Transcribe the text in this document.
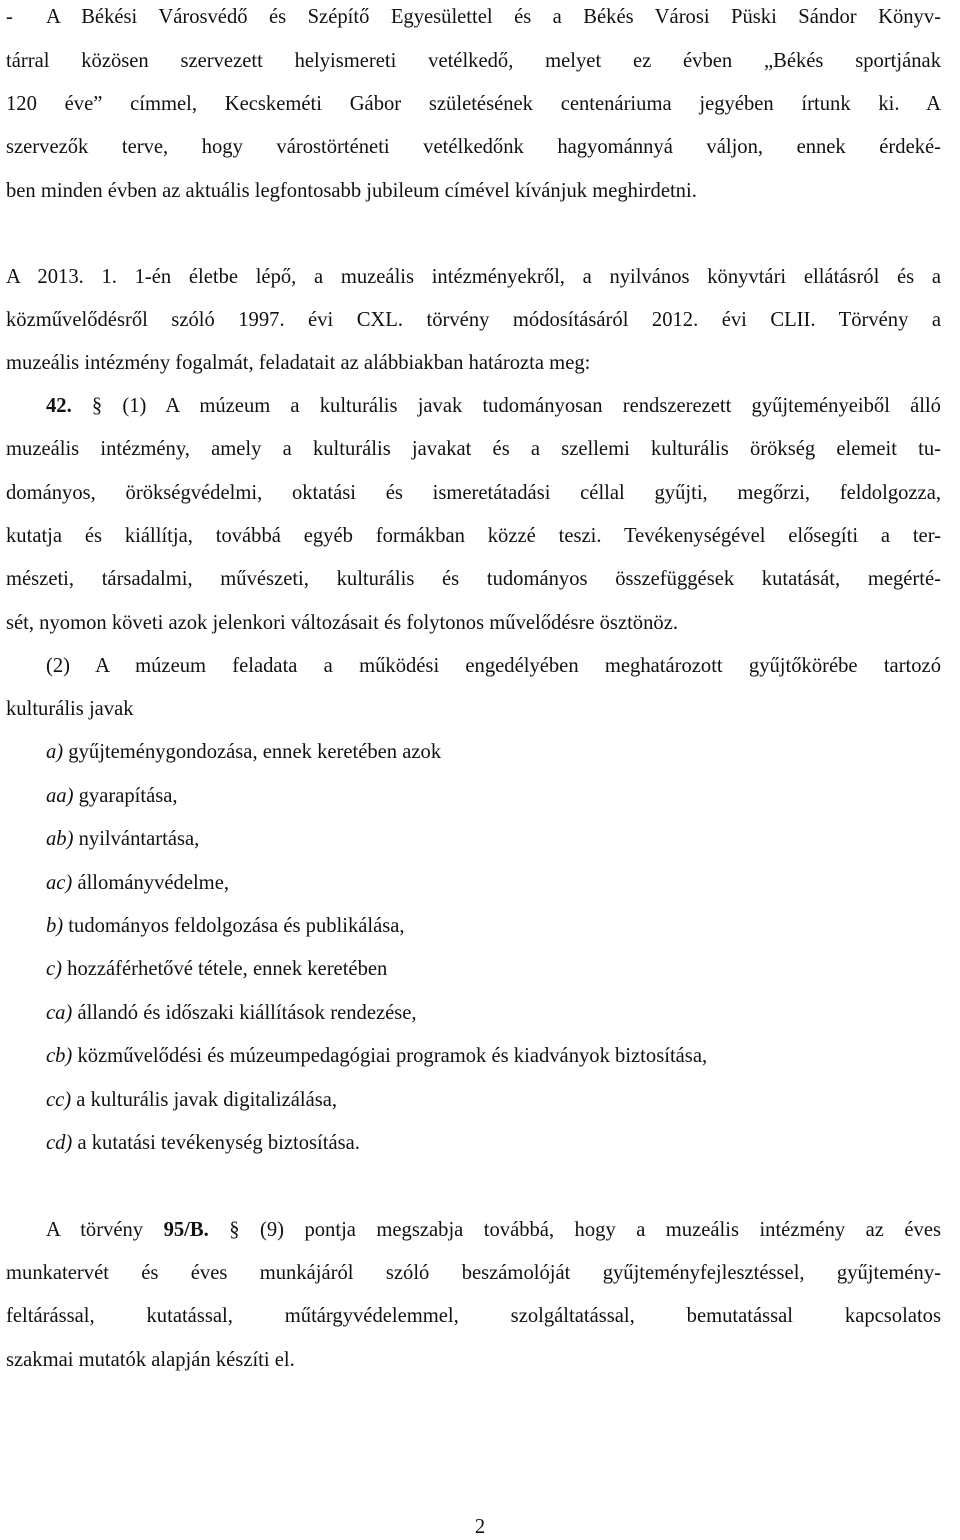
- A Békési Városvédő és Szépítő Egyesülettel és a Békés Városi Püski Sándor Könyv-
tárral közösen szervezett helyismereti vetélkedő, melyet ez évben „Békés sportjának
120 éve” címmel, Kecskeméti Gábor születésének centenáriuma jegyében írtunk ki. A
szervezők terve, hogy várostörténeti vetélkedőnk hagyománnyá váljon, ennek érdeké-
ben minden évben az aktuális legfontosabb jubileum címével kívánjuk meghirdetni.
A 2013. 1. 1-én életbe lépő, a muzeális intézményekről, a nyilvános könyvtári ellátásról és a
közművelődésről szóló 1997. évi CXL. törvény módosításáról 2012. évi CLII. Törvény a
muzeális intézmény fogalmát, feladatait az alábbiakban határozta meg:
42. § (1) A múzeum a kulturális javak tudományosan rendszerezett gyűjteményeiből álló
muzeális intézmény, amely a kulturális javakat és a szellemi kulturális örökség elemeit tu-
dományos, örökségvédelmi, oktatási és ismeretátadási céllal gyűjti, megőrzi, feldolgozza,
kutatja és kiállítja, továbbá egyéb formákban közzé teszi. Tevékenységével elősegíti a ter-
mészeti, társadalmi, művészeti, kulturális és tudományos összefüggések kutatását, megérté-
sét, nyomon követi azok jelenkori változásait és folytonos művelődésre ösztönöz.
(2) A múzeum feladata a működési engedélyében meghatározott gyűjtőkörébe tartozó
kulturális javak
a) gyűjteménygondozása, ennek keretében azok
aa) gyarapítása,
ab) nyilvántartása,
ac) állományvédelme,
b) tudományos feldolgozása és publikálása,
c) hozzáférhetővé tétele, ennek keretében
ca) állandó és időszaki kiállítások rendezése,
cb) közművelődési és múzeumpedagógiai programok és kiadványok biztosítása,
cc) a kulturális javak digitalizálása,
cd) a kutatási tevékenység biztosítása.
A törvény 95/B. § (9) pontja megszabja továbbá, hogy a muzeális intézmény az éves
munkatervét és éves munkájáról szóló beszámolóját gyűjteményfejlesztéssel, gyűjtemény-
feltárással, kutatással, műtárgyvédelemmel, szolgáltatással, bemutatással kapcsolatos
szakmai mutatók alapján készíti el.
2
